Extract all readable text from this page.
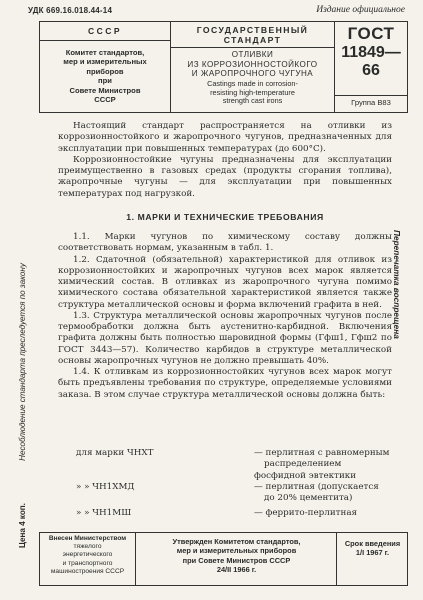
УДК 669.16.018.44-14	Издание официальное
СССР
Комитет стандартов,
мер и измерительных
приборов
при
Совете Министров
СССР
ГОСУДАРСТВЕННЫЙ
СТАНДАРТ
ОТЛИВКИ
ИЗ КОРРОЗИОННОСТОЙКОГО
И ЖАРОПРОЧНОГО ЧУГУНА
Castings made in corrosion-
resisting high-temperature
strength cast irons
ГОСТ
11849—66
Группа В83

Настоящий стандарт распространяется на отливки из коррозионностойкого и жаропрочного чугунов, предназначенных для эксплуатации при повышенных температурах (до 600°С).

Коррозионностойкие чугуны предназначены для эксплуатации преимущественно в газовых средах (продукты сгорания топлива), жаропрочные чугуны — для эксплуатации при повышенных температурах под нагрузкой.

1. МАРКИ И ТЕХНИЧЕСКИЕ ТРЕБОВАНИЯ

1.1. Марки чугунов по химическому составу должны соответствовать нормам, указанным в табл. 1.

1.2. Сдаточной (обязательной) характеристикой для отливок из коррозионностойких и жаропрочных чугунов всех марок является химический состав. В отливках из жаропрочного чугуна помимо химического состава обязательной характеристикой является также структура металлической основы и форма включений графита в ней.

1.3. Структура металлической основы жаропрочных чугунов после термообработки должна быть аустенитно-карбидной. Включения графита должны быть полностью шаровидной формы (Гфш1, Гфш2 по ГОСТ 3443—57). Количество карбидов в структуре металлической основы жаропрочных чугунов не должно превышать 40%.

1.4. К отливкам из коррозионностойких чугунов всех марок могут быть предъявлены требования по структуре, определяемые условиями заказа. В этом случае структура металлической основы должна быть:

для марки ЧНХТ	— перлитная с равномерным распределением
фосфидной эвтектики
» » ЧН1ХМД	— перлитная (допускается до 20% цементита)
» » ЧН1МШ	— феррито-перлитная
Цена 4 коп. Несоблюдение стандарта преследуется по закону	Перепечатка воспрещена
Внесен Министерством
тяжелого
энергетического
и транспортного
машиностроения СССР
Утвержден Комитетом стандартов,
мер и измерительных приборов
при Совете Министров СССР
24/II 1966 г.
Срок введения
1/I 1967 г.
